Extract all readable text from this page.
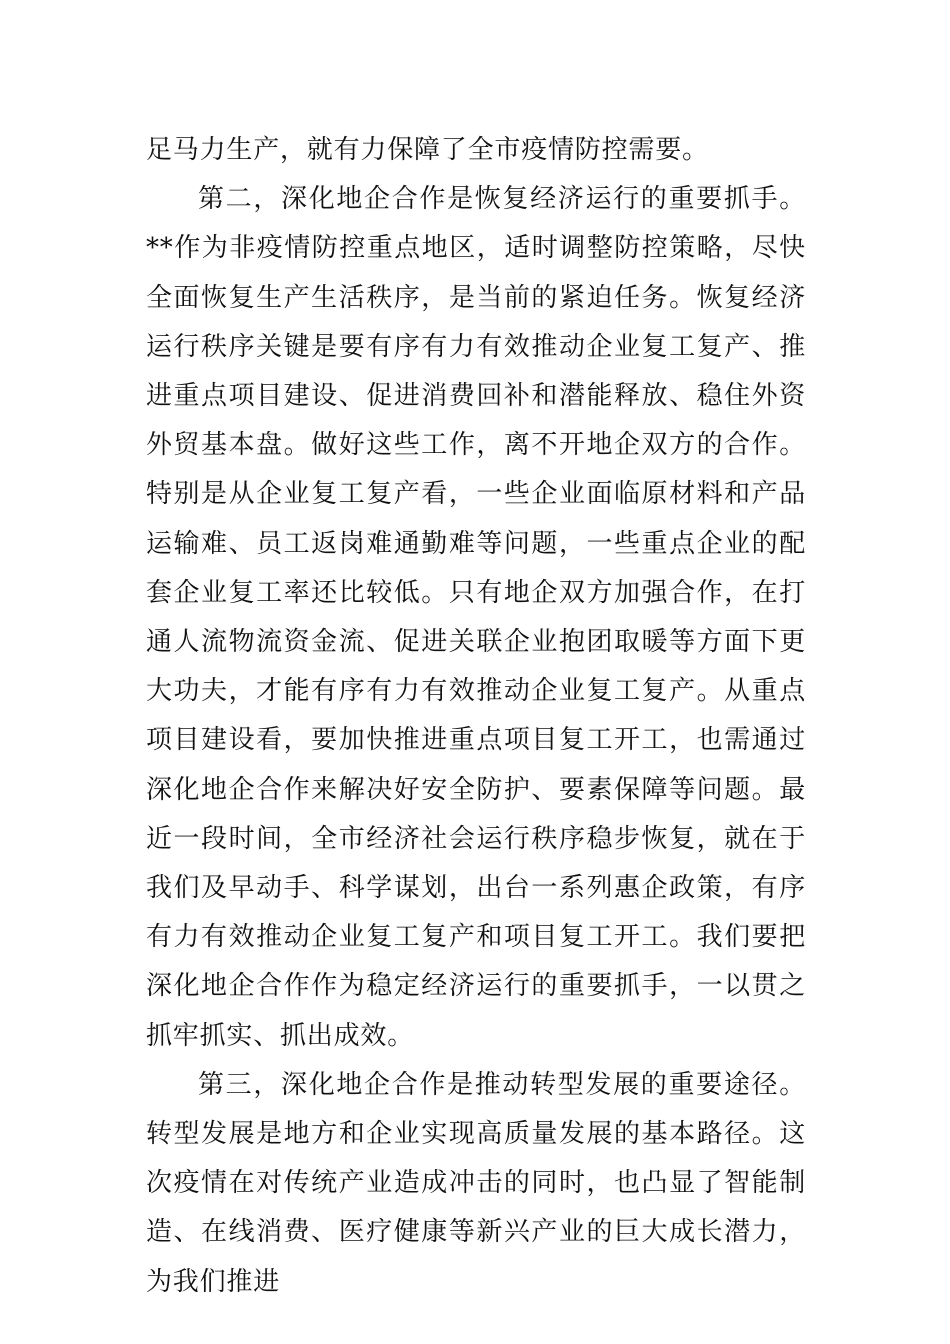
足马力生产，就有力保障了全市疫情防控需要。

第二，深化地企合作是恢复经济运行的重要抓手。**作为非疫情防控重点地区，适时调整防控策略，尽快全面恢复生产生活秩序，是当前的紧迫任务。恢复经济运行秩序关键是要有序有力有效推动企业复工复产、推进重点项目建设、促进消费回补和潜能释放、稳住外资外贸基本盘。做好这些工作，离不开地企双方的合作。特别是从企业复工复产看，一些企业面临原材料和产品运输难、员工返岗难通勤难等问题，一些重点企业的配套企业复工率还比较低。只有地企双方加强合作，在打通人流物流资金流、促进关联企业抱团取暖等方面下更大功夫，才能有序有力有效推动企业复工复产。从重点项目建设看，要加快推进重点项目复工开工，也需通过深化地企合作来解决好安全防护、要素保障等问题。最近一段时间，全市经济社会运行秩序稳步恢复，就在于我们及早动手、科学谋划，出台一系列惠企政策，有序有力有效推动企业复工复产和项目复工开工。我们要把深化地企合作作为稳定经济运行的重要抓手，一以贯之抓牢抓实、抓出成效。

第三，深化地企合作是推动转型发展的重要途径。转型发展是地方和企业实现高质量发展的基本路径。这次疫情在对传统产业造成冲击的同时，也凸显了智能制造、在线消费、医疗健康等新兴产业的巨大成长潜力，为我们推进
